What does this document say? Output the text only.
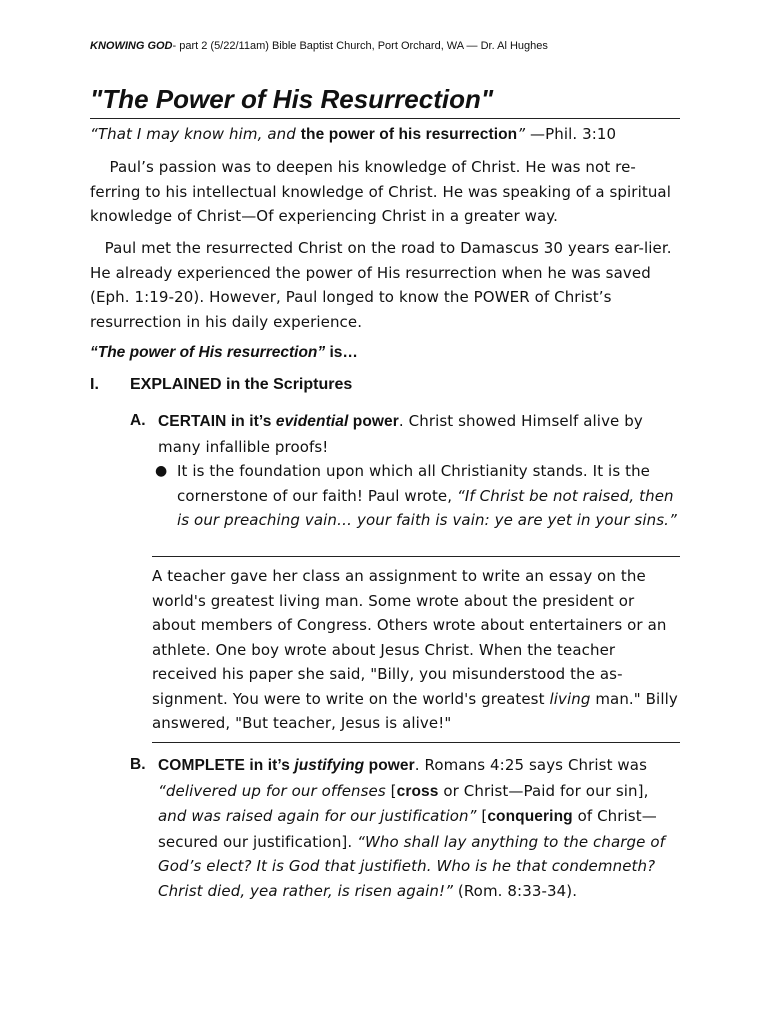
KNOWING GOD- part 2 (5/22/11am) Bible Baptist Church, Port Orchard, WA — Dr. Al Hughes
"The Power of His Resurrection"
“That I may know him, and the power of his resurrection” —Phil. 3:10

Paul’s passion was to deepen his knowledge of Christ. He was not re-ferring to his intellectual knowledge of Christ. He was speaking of a spiritual knowledge of Christ—Of experiencing Christ in a greater way.

Paul met the resurrected Christ on the road to Damascus 30 years ear-lier. He already experienced the power of His resurrection when he was saved (Eph. 1:19-20). However, Paul longed to know the POWER of Christ’s resurrection in his daily experience.

“The power of His resurrection” is…
I. EXPLAINED in the Scriptures
A. CERTAIN in it’s evidential power. Christ showed Himself alive by many infallible proofs!
● It is the foundation upon which all Christianity stands. It is the cornerstone of our faith! Paul wrote, “If Christ be not raised, then is our preaching vain… your faith is vain: ye are yet in your sins.”
A teacher gave her class an assignment to write an essay on the world's greatest living man. Some wrote about the president or about members of Congress. Others wrote about entertainers or an athlete. One boy wrote about Jesus Christ. When the teacher received his paper she said, "Billy, you misunderstood the as-signment. You were to write on the world's greatest living man." Billy answered, "But teacher, Jesus is alive!"
B. COMPLETE in it’s justifying power. Romans 4:25 says Christ was “delivered up for our offenses [cross or Christ—Paid for our sin], and was raised again for our justification” [conquering of Christ—secured our justification]. “Who shall lay anything to the charge of God’s elect? It is God that justifieth. Who is he that condemneth? Christ died, yea rather, is risen again!” (Rom. 8:33-34).
